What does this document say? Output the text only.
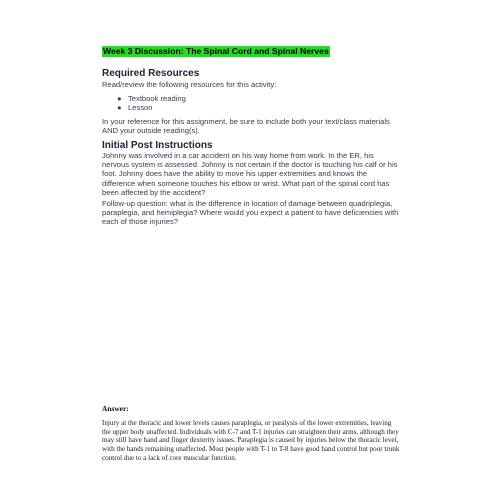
Week 3 Discussion: The Spinal Cord and Spinal Nerves
Required Resources
Read/review the following resources for this activity:
● Textbook reading
● Lesson
In your reference for this assignment, be sure to include both your text/class materials AND your outside reading(s).
Initial Post Instructions
Johnny was involved in a car accident on his way home from work. In the ER, his nervous system is assessed. Johnny is not certain if the doctor is touching his calf or his foot. Johnny does have the ability to move his upper extremities and knows the difference when someone touches his elbow or wrist. What part of the spinal cord has been affected by the accident?
Follow-up question: what is the difference in location of damage between quadriplegia, paraplegia, and hemiplegia? Where would you expect a patient to have deficiencies with each of those injuries?
Answer:
Injury at the thoracic and lower levels causes paraplegia, or paralysis of the lower extremities, leaving the upper body unaffected. Individuals with C-7 and T-1 injuries can straighten their arms, although they may still have hand and finger dexterity issues. Paraplegia is caused by injuries below the thoracic level, with the hands remaining unaffected. Most people with T-1 to T-8 have good hand control but poor trunk control due to a lack of core muscular function.
